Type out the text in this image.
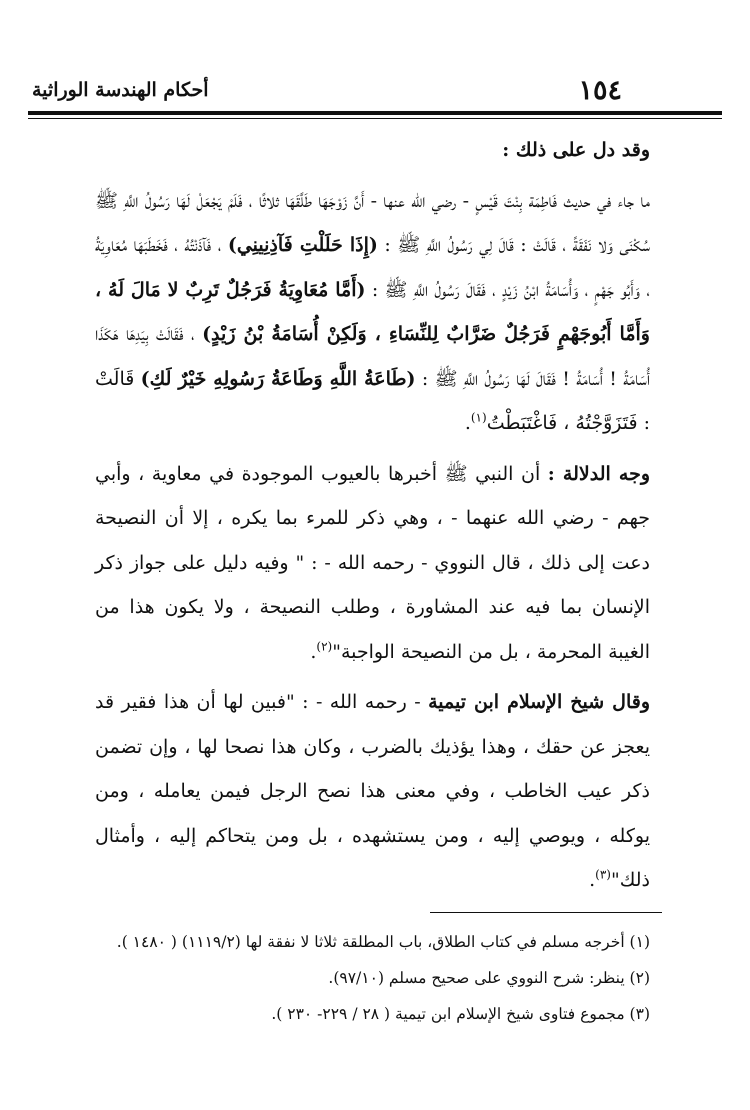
١٥٤
أحكام الهندسة الوراثية

وقد دل على ذلك :

ما جاء في حديث فَاطِمَة بِنْتَ قَيْسٍ - رضي الله عنها - أَنَّ زَوْجَهَا طَلَّقَهَا ثلاثًا ، فَلَمْ يَجْعَلْ لَهَا رَسُولُ اللَّهِ ﷺ سُكْنَى وَلا نَفَقَةً ، قَالَتْ : قَالَ لِي رَسُولُ اللَّهِ ﷺ : (إِذَا حَلَلْتِ فَآذِنِينِي) ، فَآذَنْتُهُ ، فَخَطَبَهَا مُعَاوِيَةُ ، وَأَبُو جَهْمٍ ، وَأُسَامَةُ ابْنُ زَيْدٍ ، فَقَالَ رَسُولُ اللَّهِ ﷺ : (أَمَّا مُعَاوِيَةُ فَرَجُلٌ تَرِبٌ لا مَالَ لَهُ ، وَأَمَّا أَبُوجَهْمٍ فَرَجُلٌ ضَرَّابٌ لِلنِّسَاءِ ، وَلَكِنْ أُسَامَةُ بْنُ زَيْدٍ) ، فَقَالَتْ بِيَدِهَا هَكَذَا أُسَامَةُ ! أُسَامَةُ ! فَقَالَ لَهَا رَسُولُ اللَّهِ ﷺ : (طَاعَةُ اللَّهِ وَطَاعَةُ رَسُولِهِ خَيْرٌ لَكِ) قَالَتْ : فَتَزَوَّجْتُهُ ، فَاغْتَبَطْتُ$^{(١)}$.

وجه الدلالة : أن النبي ﷺ أخبرها بالعيوب الموجودة في معاوية ، وأبي جهم - رضي الله عنهما - ، وهي ذكر للمرء بما يكره ، إلا أن النصيحة دعت إلى ذلك ، قال النووي - رحمه الله - : " وفيه دليل على جواز ذكر الإنسان بما فيه عند المشاورة ، وطلب النصيحة ، ولا يكون هذا من الغيبة المحرمة ، بل من النصيحة الواجبة"$^{(٢)}$.

وقال شيخ الإسلام ابن تيمية - رحمه الله - : "فبين لها أن هذا فقير قد يعجز عن حقك ، وهذا يؤذيك بالضرب ، وكان هذا نصحا لها ، وإن تضمن ذكر عيب الخاطب ، وفي معنى هذا نصح الرجل فيمن يعامله ، ومن يوكله ، ويوصي إليه ، ومن يستشهده ، بل ومن يتحاكم إليه ، وأمثال ذلك"$^{(٣)}$.

(١) أخرجه مسلم في كتاب الطلاق، باب المطلقة ثلاثا لا نفقة لها (١١١٩/٢) ( ١٤٨٠ ).

(٢) ينظر: شرح النووي على صحيح مسلم (٩٧/١٠).

(٣) مجموع فتاوى شيخ الإسلام ابن تيمية ( ٢٨ / ٢٢٩- ٢٣٠ ).
